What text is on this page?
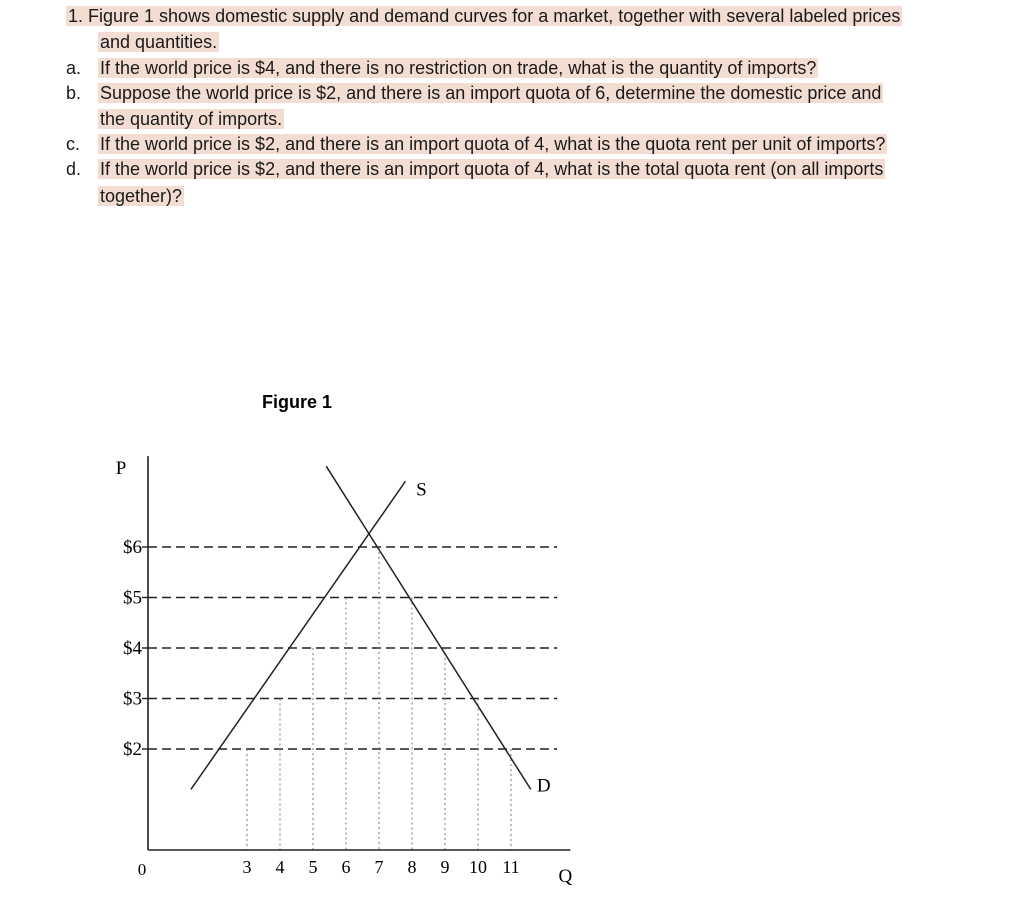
1. Figure 1 shows domestic supply and demand curves for a market, together with several labeled prices
and quantities.
a. If the world price is $4, and there is no restriction on trade, what is the quantity of imports?
b. Suppose the world price is $2, and there is an import quota of 6, determine the domestic price and
the quantity of imports.
c. If the world price is $2, and there is an import quota of 4, what is the quota rent per unit of imports?
d. If the world price is $2, and there is an import quota of 4, what is the total quota rent (on all imports
together)?
Figure 1
P
Q
0
$6
$5
$4
$3
$2
3 4 5 6 7 8 9 10 11
S
D
